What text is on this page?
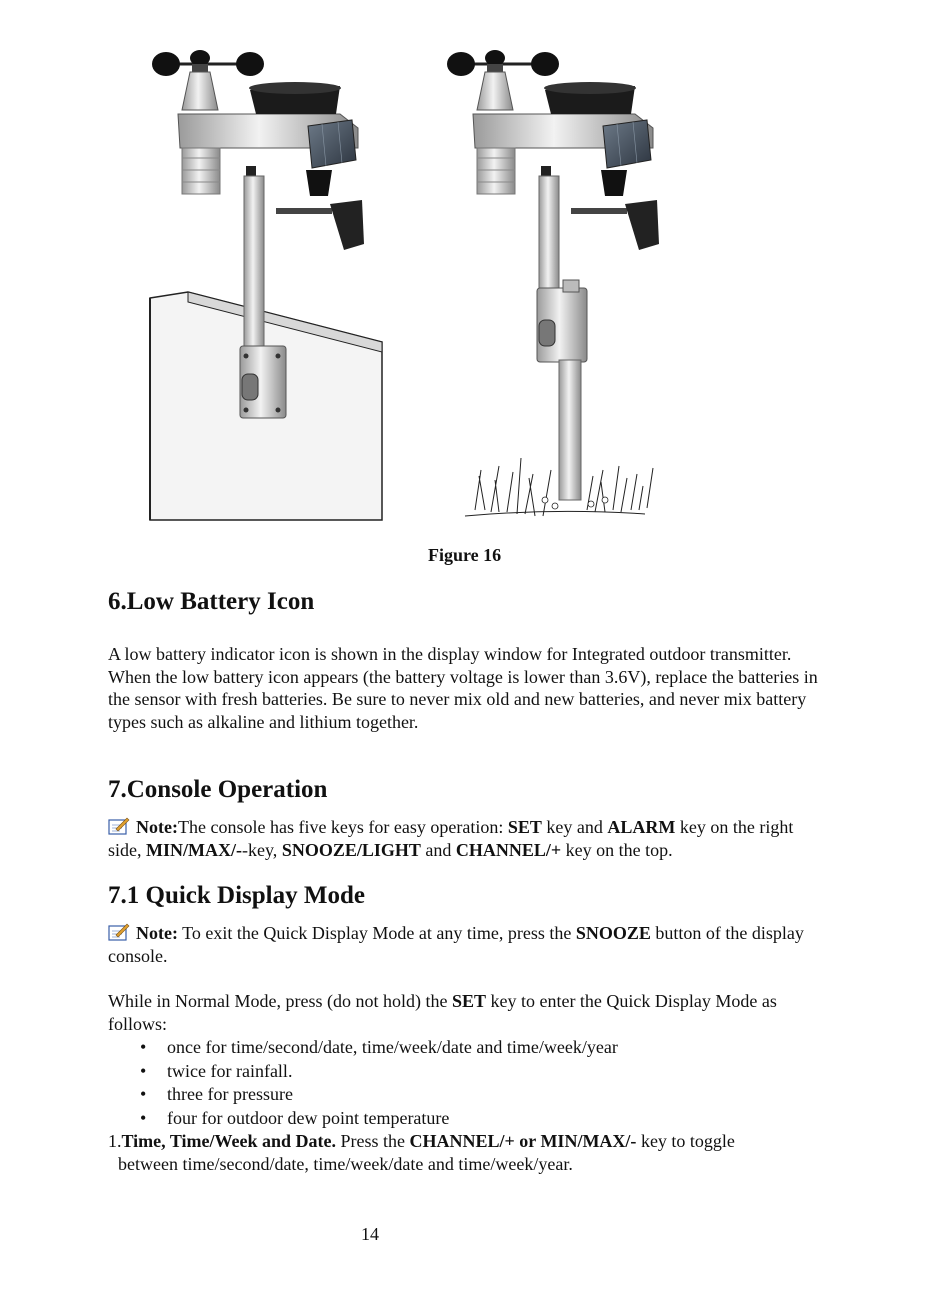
Figure 16
6.Low Battery Icon

A low battery indicator icon is shown in the display window for Integrated outdoor transmitter. When the low battery icon appears (the battery voltage is lower than 3.6V), replace the batteries in the sensor with fresh batteries. Be sure to never mix old and new batteries, and never mix battery types such as alkaline and lithium together.

7.Console Operation

Note:The console has five keys for easy operation: SET key and ALARM key on the right side, MIN/MAX/--key, SNOOZE/LIGHT and CHANNEL/+ key on the top.

7.1 Quick Display Mode

Note: To exit the Quick Display Mode at any time, press the SNOOZE button of the display console.

While in Normal Mode, press (do not hold) the SET key to enter the Quick Display Mode as follows:

• once for time/second/date, time/week/date and time/week/year
• twice for rainfall.
• three for pressure
• four for outdoor dew point temperature

1.Time, Time/Week and Date. Press the CHANNEL/+ or MIN/MAX/- key to toggle
between time/second/date, time/week/date and time/week/year.

14
